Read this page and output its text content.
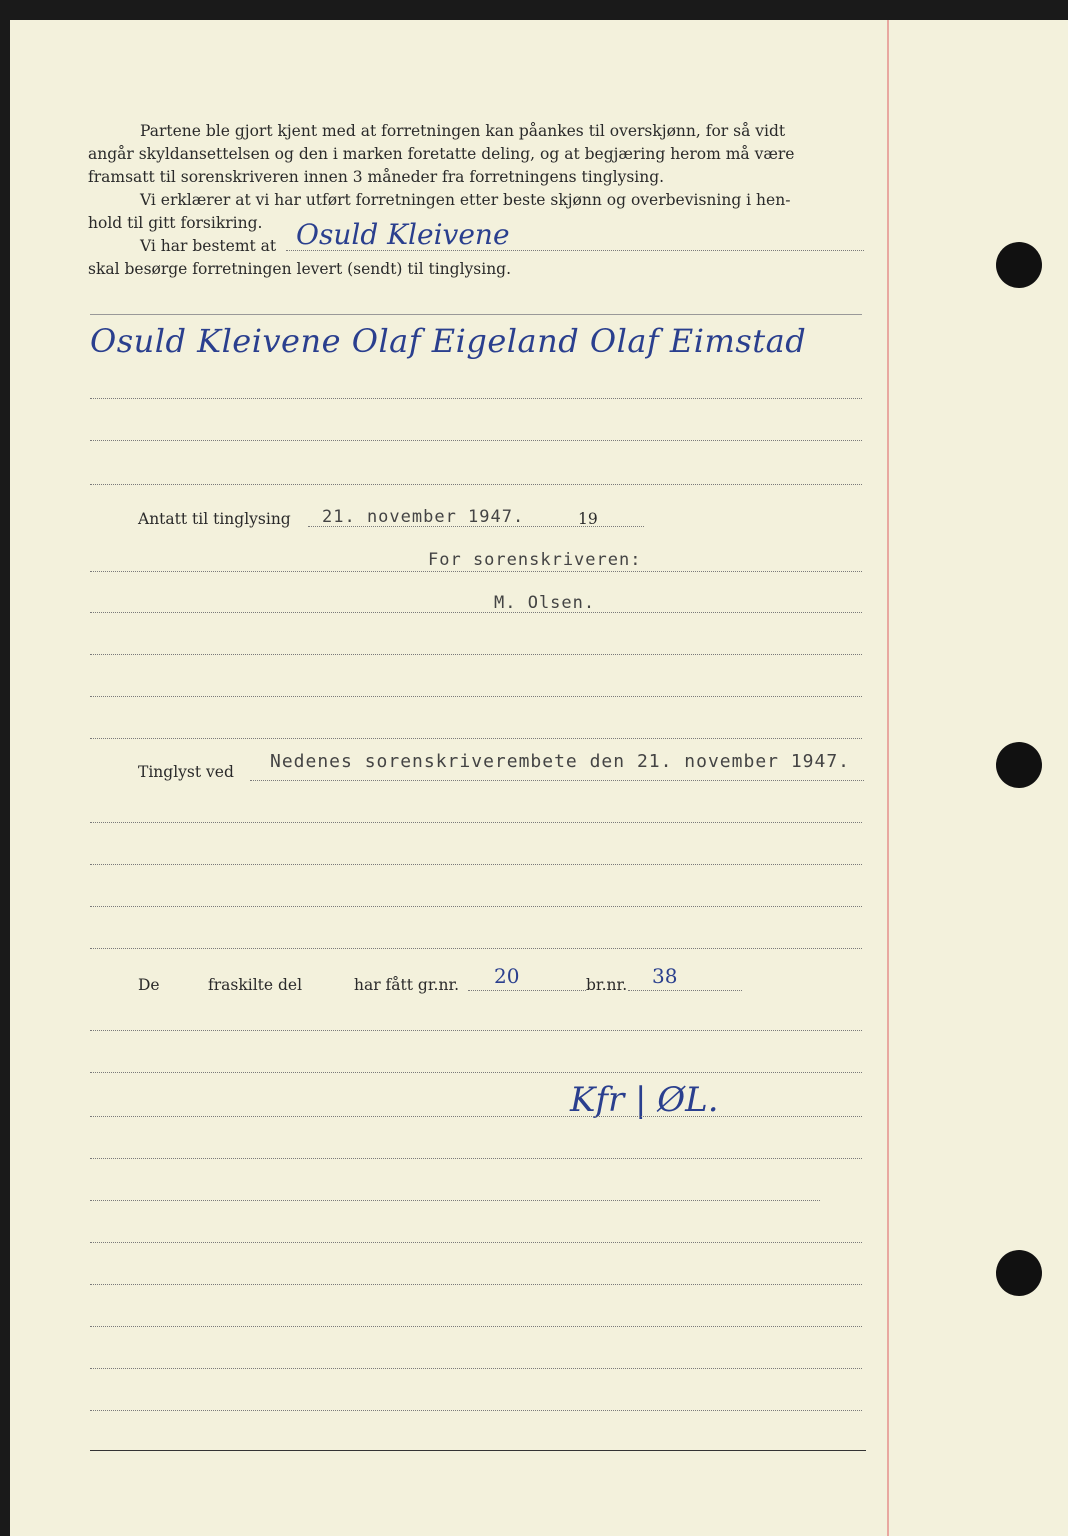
Partene ble gjort kjent med at forretningen kan påankes til overskjønn, for så vidt

angår skyldansettelsen og den i marken foretatte deling, og at begjæring herom må være

framsatt til sorenskriveren innen 3 måneder fra forretningens tinglysing.

Vi erklærer at vi har utført forretningen etter beste skjønn og overbevisning i hen-

hold til gitt forsikring.

Vi har bestemt at

skal besørge forretningen levert (sendt) til tinglysing.

Osuld Kleivene
Osuld Kleivene Olaf Eigeland Olaf Eimstad
Antatt til tinglysing 21. november 1947.	19
For sorenskriveren:
M. Olsen.
Tinglyst ved Nedenes sorenskriverembete den 21. november 1947.
De	fraskilte del	har fått gr.nr. 20	br.nr. 38
Kfr | ØL.
